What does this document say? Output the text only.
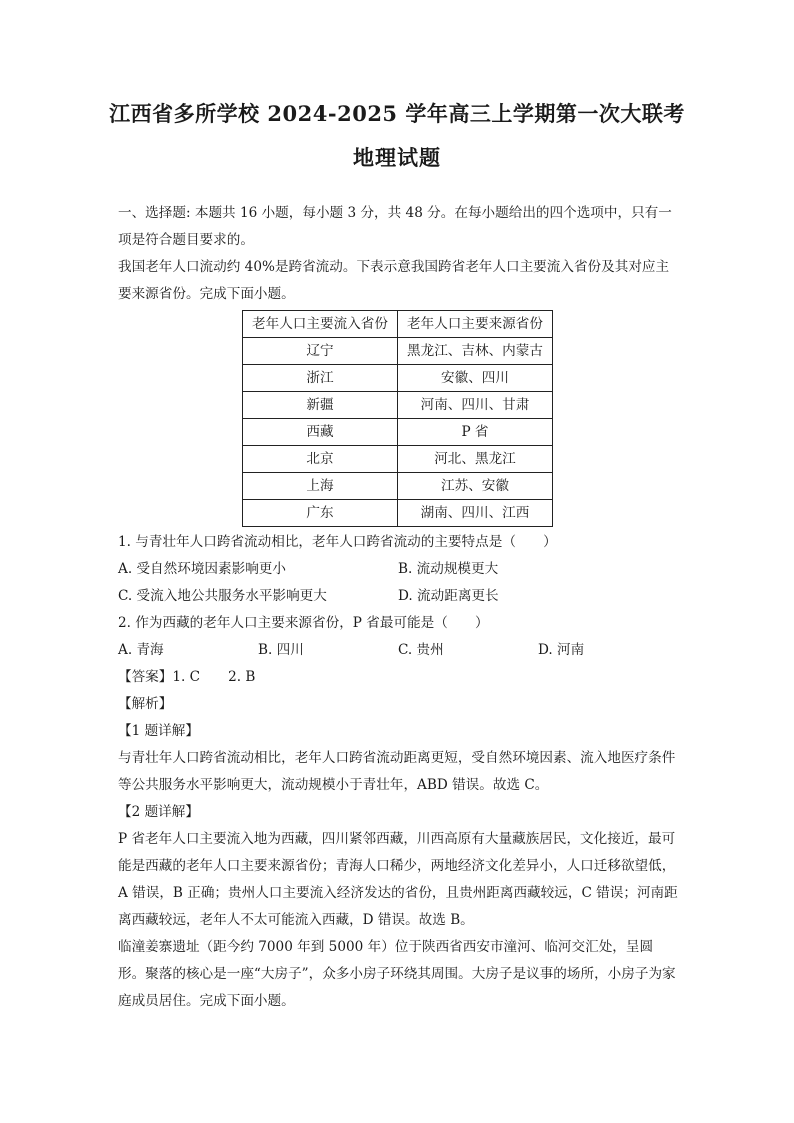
江西省多所学校 2024-2025 学年高三上学期第一次大联考
地理试题

一、选择题: 本题共 16 小题，每小题 3 分，共 48 分。在每小题给出的四个选项中，只有一项是符合题目要求的。

我国老年人口流动约 40%是跨省流动。下表示意我国跨省老年人口主要流入省份及其对应主要来源省份。完成下面小题。

老年人口主要流入省份	老年人口主要来源省份
辽宁	黑龙江、吉林、内蒙古
浙江	安徽、四川
新疆	河南、四川、甘肃
西藏	P 省
北京	河北、黑龙江
上海	江苏、安徽
广东	湖南、四川、江西

1. 与青壮年人口跨省流动相比，老年人口跨省流动的主要特点是（　　）

A. 受自然环境因素影响更小	B. 流动规模更大
C. 受流入地公共服务水平影响更大	D. 流动距离更长

2. 作为西藏的老年人口主要来源省份，P 省最可能是（　　）

A. 青海	B. 四川	C. 贵州	D. 河南
【答案】1. C 2. B

【解析】

【1 题详解】

与青壮年人口跨省流动相比，老年人口跨省流动距离更短，受自然环境因素、流入地医疗条件等公共服务水平影响更大，流动规模小于青壮年，ABD 错误。故选 C。

【2 题详解】

P 省老年人口主要流入地为西藏，四川紧邻西藏，川西高原有大量藏族居民，文化接近，最可能是西藏的老年人口主要来源省份；青海人口稀少，两地经济文化差异小，人口迁移欲望低，A 错误，B 正确；贵州人口主要流入经济发达的省份，且贵州距离西藏较远，C 错误；河南距离西藏较远，老年人不太可能流入西藏，D 错误。故选 B。

临潼姜寨遗址（距今约 7000 年到 5000 年）位于陕西省西安市潼河、临河交汇处，呈圆形。聚落的核心是一座“大房子”，众多小房子环绕其周围。大房子是议事的场所，小房子为家庭成员居住。完成下面小题。
